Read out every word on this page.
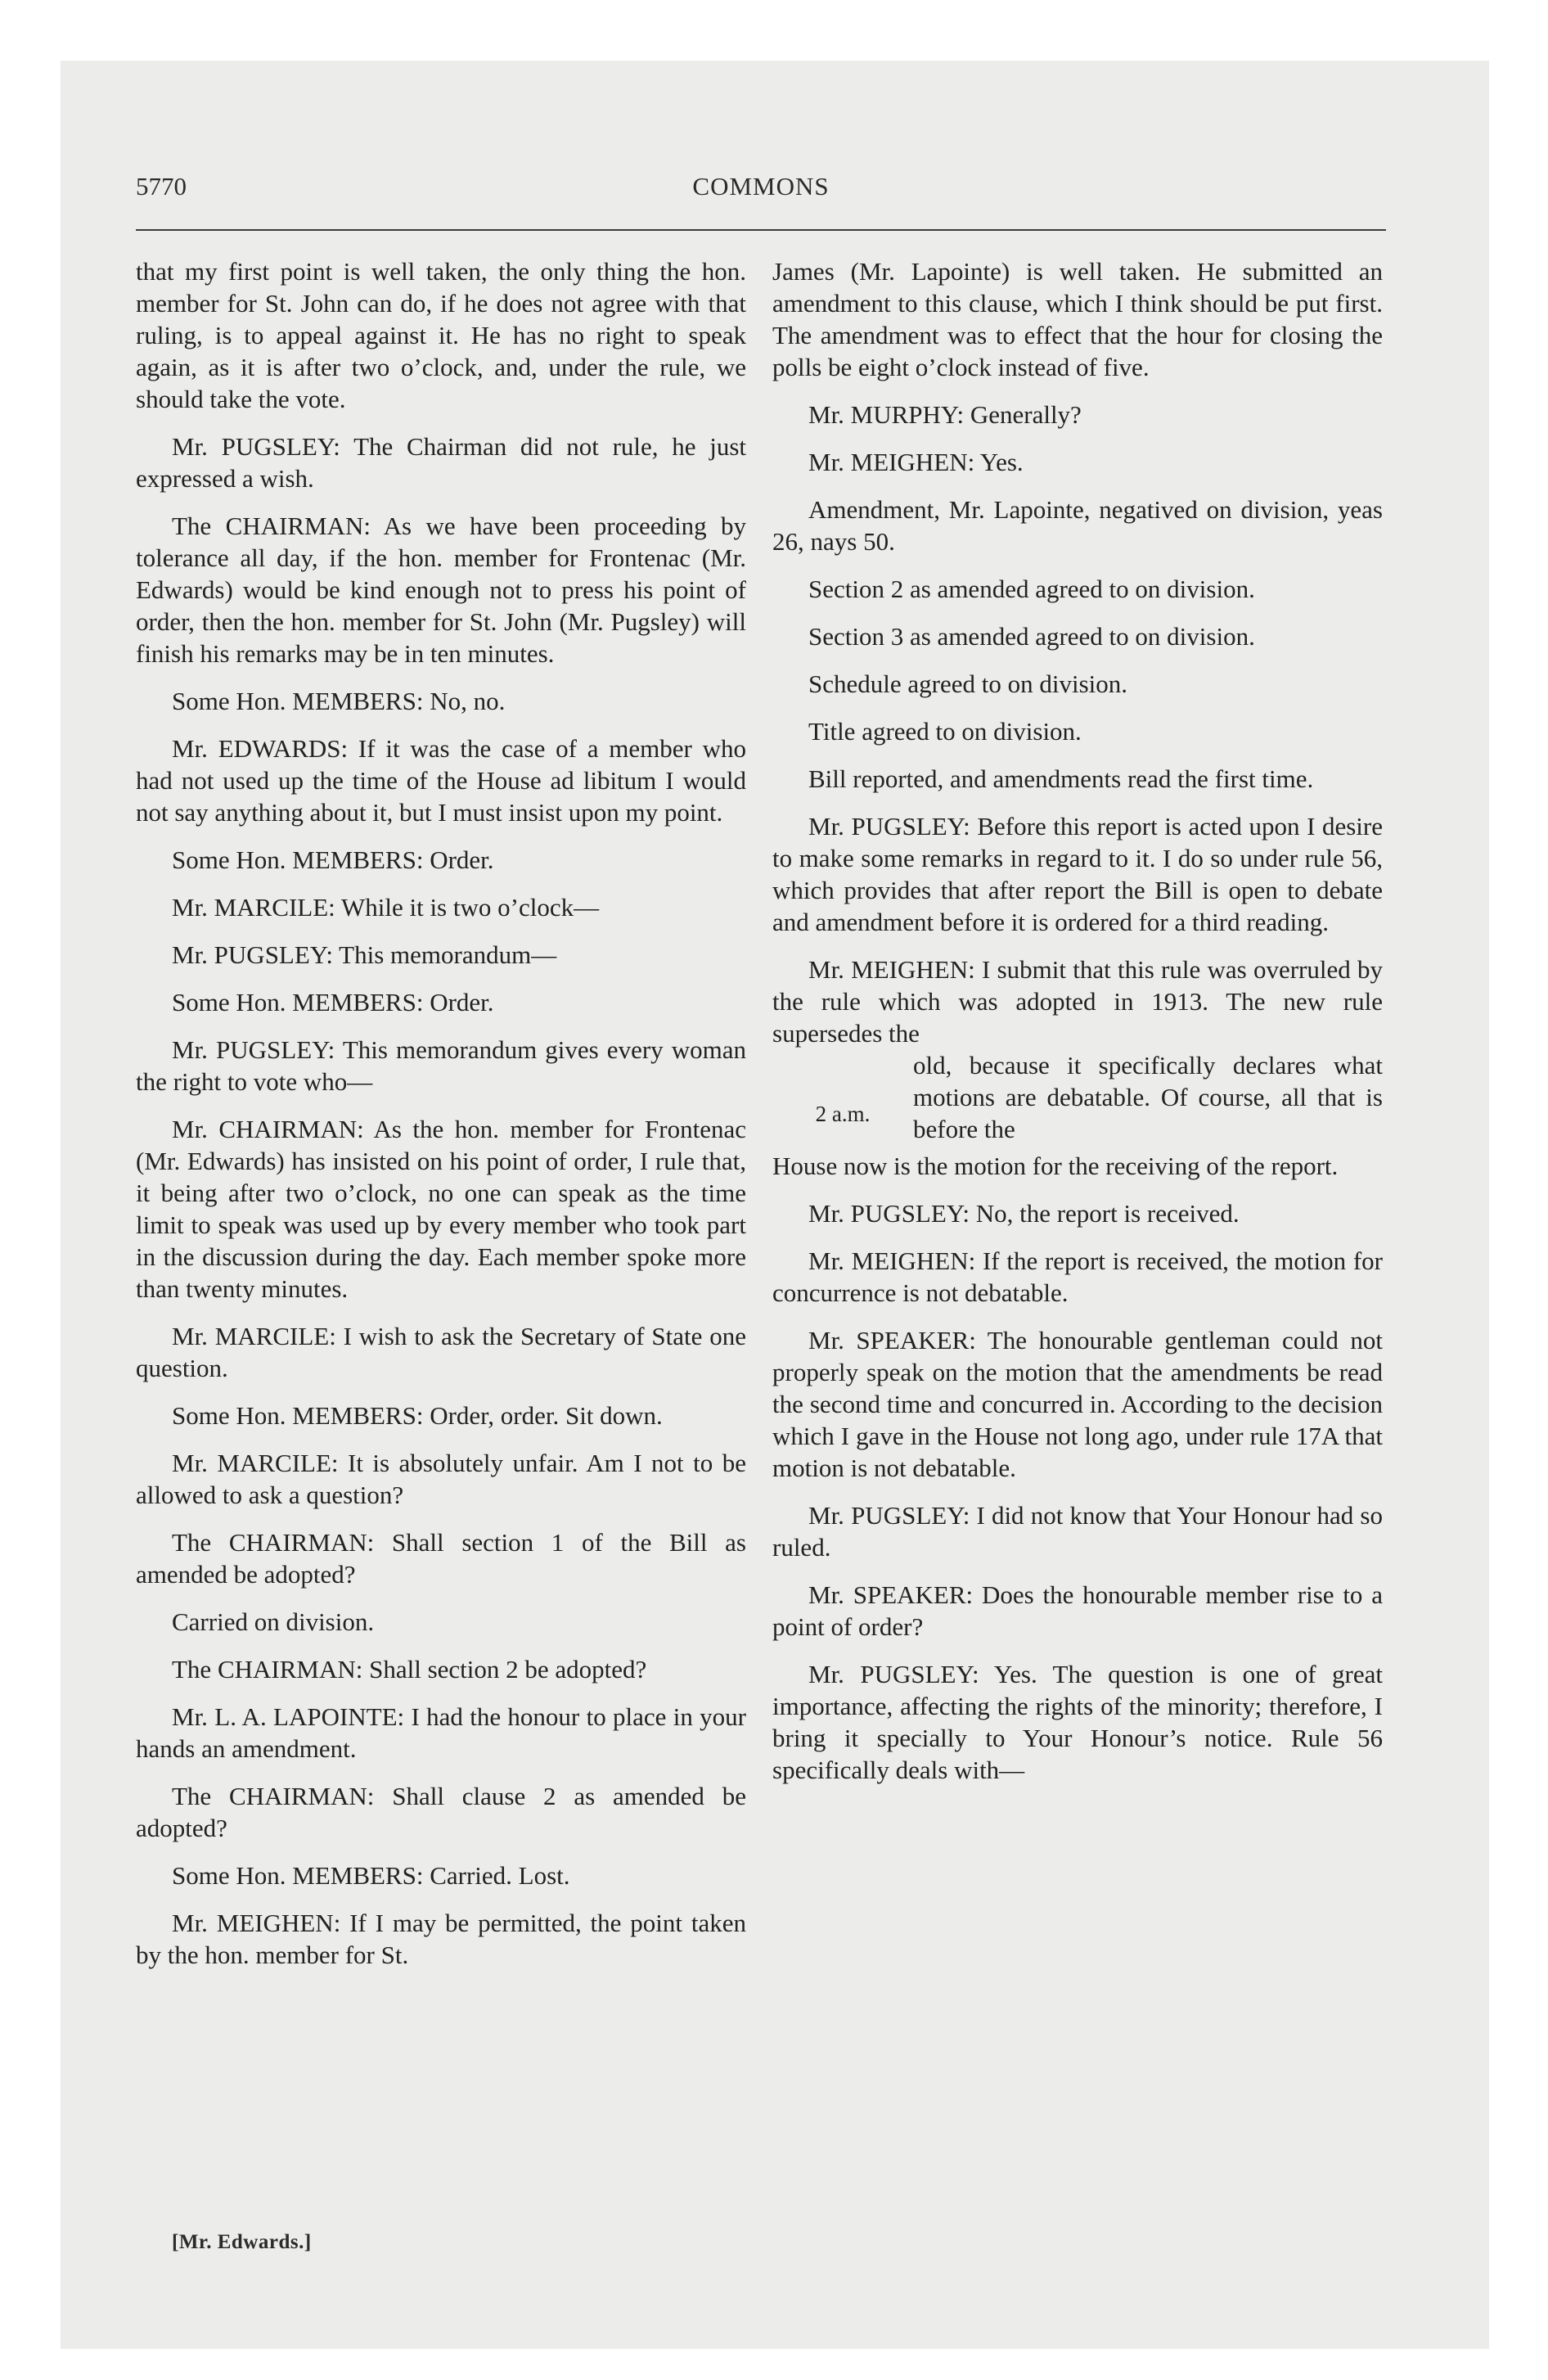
5770	COMMONS

that my first point is well taken, the only thing the hon. member for St. John can do, if he does not agree with that ruling, is to appeal against it. He has no right to speak again, as it is after two o’clock, and, under the rule, we should take the vote.

Mr. PUGSLEY: The Chairman did not rule, he just expressed a wish.

The CHAIRMAN: As we have been proceeding by tolerance all day, if the hon. member for Frontenac (Mr. Edwards) would be kind enough not to press his point of order, then the hon. member for St. John (Mr. Pugsley) will finish his remarks may be in ten minutes.

Some Hon. MEMBERS: No, no.

Mr. EDWARDS: If it was the case of a member who had not used up the time of the House ad libitum I would not say anything about it, but I must insist upon my point.

Some Hon. MEMBERS: Order.

Mr. MARCILE: While it is two o’clock—

Mr. PUGSLEY: This memorandum—

Some Hon. MEMBERS: Order.

Mr. PUGSLEY: This memorandum gives every woman the right to vote who—

Mr. CHAIRMAN: As the hon. member for Frontenac (Mr. Edwards) has insisted on his point of order, I rule that, it being after two o’clock, no one can speak as the time limit to speak was used up by every member who took part in the discussion during the day. Each member spoke more than twenty minutes.

Mr. MARCILE: I wish to ask the Secretary of State one question.

Some Hon. MEMBERS: Order, order. Sit down.

Mr. MARCILE: It is absolutely unfair. Am I not to be allowed to ask a question?

The CHAIRMAN: Shall section 1 of the Bill as amended be adopted?

Carried on division.

The CHAIRMAN: Shall section 2 be adopted?

Mr. L. A. LAPOINTE: I had the honour to place in your hands an amendment.

The CHAIRMAN: Shall clause 2 as amended be adopted?

Some Hon. MEMBERS: Carried. Lost.

Mr. MEIGHEN: If I may be permitted, the point taken by the hon. member for St.

James (Mr. Lapointe) is well taken. He submitted an amendment to this clause, which I think should be put first. The amendment was to effect that the hour for closing the polls be eight o’clock instead of five.

Mr. MURPHY: Generally?

Mr. MEIGHEN: Yes.

Amendment, Mr. Lapointe, negatived on division, yeas 26, nays 50.

Section 2 as amended agreed to on division.

Section 3 as amended agreed to on division.

Schedule agreed to on division.

Title agreed to on division.

Bill reported, and amendments read the first time.

Mr. PUGSLEY: Before this report is acted upon I desire to make some remarks in regard to it. I do so under rule 56, which provides that after report the Bill is open to debate and amendment before it is ordered for a third reading.

Mr. MEIGHEN: I submit that this rule was overruled by the rule which was adopted in 1913. The new rule supersedes the

2 a.m.
old, because it specifically declares what motions are debatable. Of course, all that is before the

House now is the motion for the receiving of the report.

Mr. PUGSLEY: No, the report is received.

Mr. MEIGHEN: If the report is received, the motion for concurrence is not debatable.

Mr. SPEAKER: The honourable gentleman could not properly speak on the motion that the amendments be read the second time and concurred in. According to the decision which I gave in the House not long ago, under rule 17A that motion is not debatable.

Mr. PUGSLEY: I did not know that Your Honour had so ruled.

Mr. SPEAKER: Does the honourable member rise to a point of order?

Mr. PUGSLEY: Yes. The question is one of great importance, affecting the rights of the minority; therefore, I bring it specially to Your Honour’s notice. Rule 56 specifically deals with—

[Mr. Edwards.]
